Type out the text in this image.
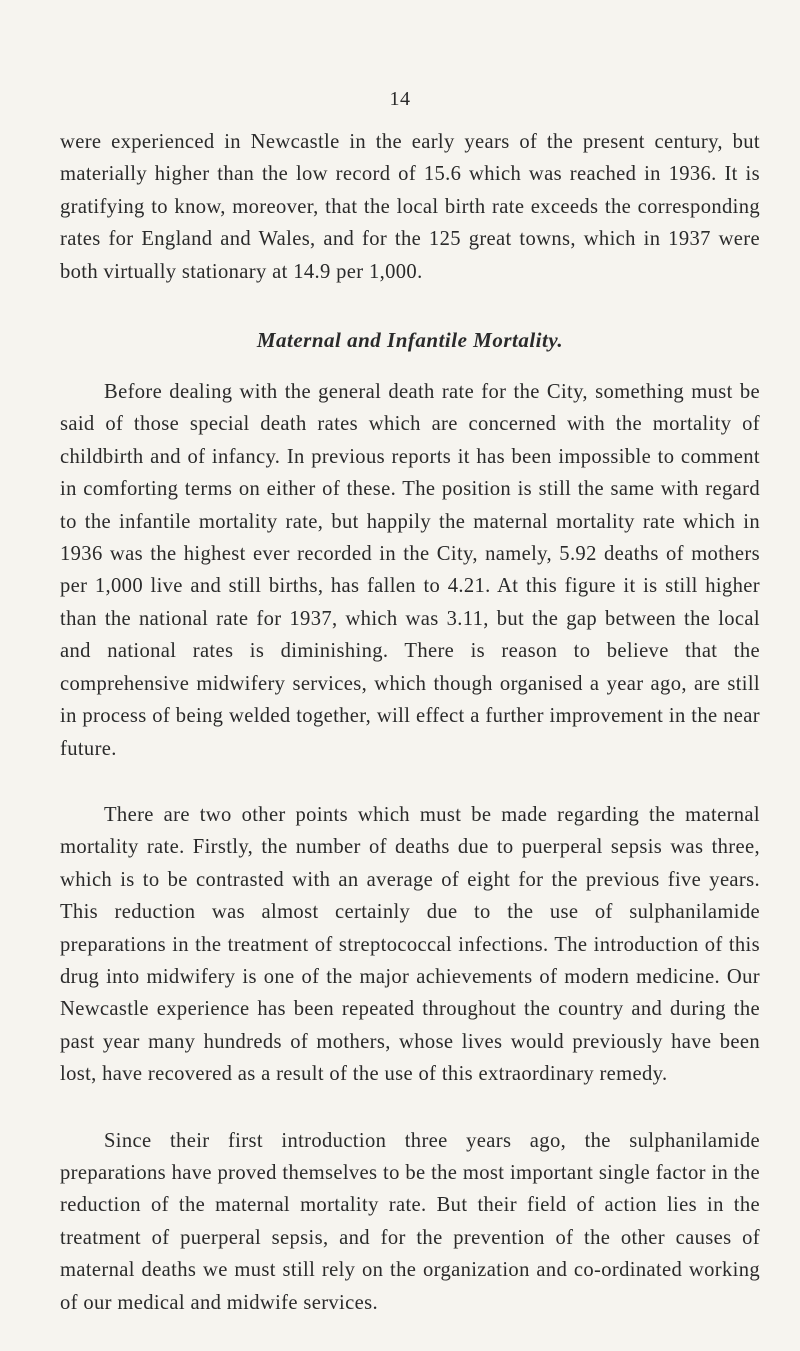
14

were experienced in Newcastle in the early years of the present century, but materially higher than the low record of 15.6 which was reached in 1936. It is gratifying to know, moreover, that the local birth rate exceeds the corresponding rates for England and Wales, and for the 125 great towns, which in 1937 were both virtually stationary at 14.9 per 1,000.

Maternal and Infantile Mortality.

Before dealing with the general death rate for the City, something must be said of those special death rates which are concerned with the mortality of childbirth and of infancy. In previous reports it has been impossible to comment in comforting terms on either of these. The position is still the same with regard to the infantile mortality rate, but happily the maternal mortality rate which in 1936 was the highest ever recorded in the City, namely, 5.92 deaths of mothers per 1,000 live and still births, has fallen to 4.21. At this figure it is still higher than the national rate for 1937, which was 3.11, but the gap between the local and national rates is diminishing. There is reason to believe that the comprehensive midwifery services, which though organised a year ago, are still in process of being welded together, will effect a further improvement in the near future.

There are two other points which must be made regarding the maternal mortality rate. Firstly, the number of deaths due to puerperal sepsis was three, which is to be contrasted with an average of eight for the previous five years. This reduction was almost certainly due to the use of sulphanilamide preparations in the treatment of streptococcal infections. The introduction of this drug into midwifery is one of the major achievements of modern medicine. Our Newcastle experience has been repeated throughout the country and during the past year many hundreds of mothers, whose lives would previously have been lost, have recovered as a result of the use of this extraordinary remedy.

Since their first introduction three years ago, the sulphanilamide preparations have proved themselves to be the most important single factor in the reduction of the maternal mortality rate. But their field of action lies in the treatment of puerperal sepsis, and for the prevention of the other causes of maternal deaths we must still rely on the organization and co-ordinated working of our medical and midwife services.
